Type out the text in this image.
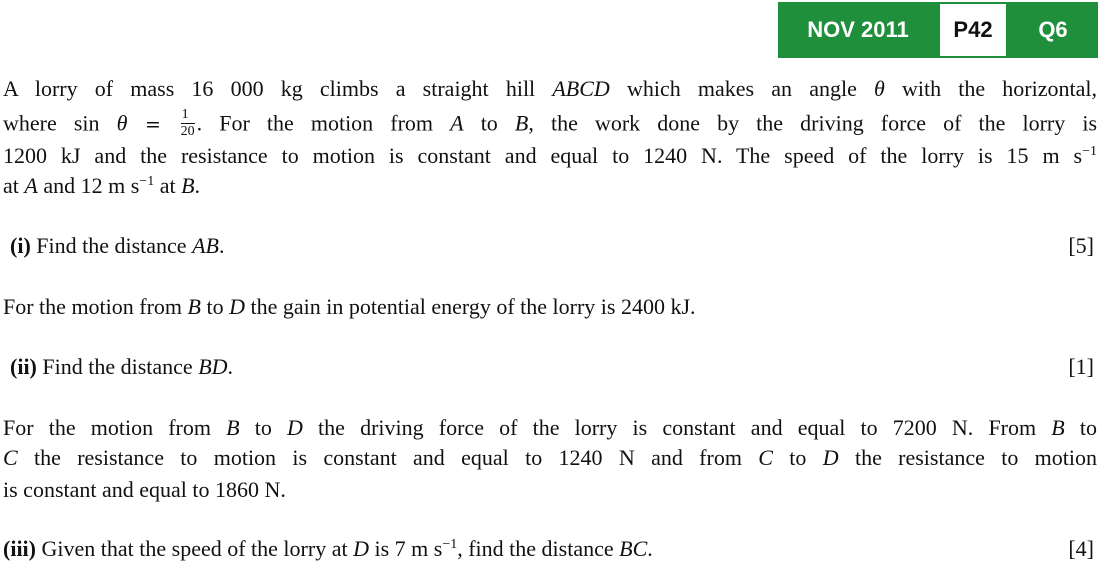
NOV 2011	P42	Q6
A lorry of mass 16 000 kg climbs a straight hill ABCD which makes an angle θ with the horizontal,
where $\sin \theta = \frac{1}{20}$ . For the motion from A to B, the work done by the driving force of the lorry is
1200 kJ and the resistance to motion is constant and equal to 1240 N. The speed of the lorry is 15 m $s^{-1}$
at A and 12 m $s^{-1}$ at B.
(i) Find the distance AB.	[5]
For the motion from B to D the gain in potential energy of the lorry is 2400 kJ.
(ii) Find the distance BD.	[1]
For the motion from B to D the driving force of the lorry is constant and equal to 7200 N. From B to
C the resistance to motion is constant and equal to 1240 N and from C to D the resistance to motion
is constant and equal to 1860 N.
(iii) Given that the speed of the lorry at D is 7 m $s^{-1}$, find the distance BC.	[4]
